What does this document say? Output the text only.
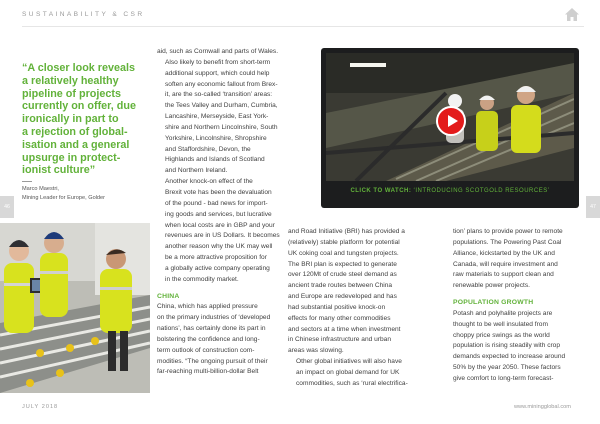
SUSTAINABILITY & CSR
“A closer look reveals
a relatively healthy
pipeline of projects
currently on offer, due
ironically in part to
a rejection of global-
isation and a general
upsurge in protect-
ionist culture”
Marco Maestri,
Mining Leader for Europe, Golder

aid, such as Cornwall and parts of Wales.

Also likely to benefit from short-term
additional support, which could help
soften any economic fallout from Brex-
it, are the so-called ‘transition’ areas:
the Tees Valley and Durham, Cumbria,
Lancashire, Merseyside, East York-
shire and Northern Lincolnshire, South
Yorkshire, Lincolnshire, Shropshire
and Staffordshire, Devon, the
Highlands and Islands of Scotland
and Northern Ireland.

Another knock-on effect of the
Brexit vote has been the devaluation
of the pound - bad news for import-
ing goods and services, but lucrative
when local costs are in GBP and your
revenues are in US Dollars. It becomes
another reason why the UK may well
be a more attractive proposition for
a globally active company operating
in the commodity market.

CHINA

China, which has applied pressure
on the primary industries of ‘developed
nations’, has certainly done its part in
bolstering the confidence and long-
term outlook of construction com-
modities. “The ongoing pursuit of their
far-reaching multi-billion-dollar Belt

and Road Initiative (BRI) has provided a
(relatively) stable platform for potential
UK coking coal and tungsten projects.
The BRI plan is expected to generate
over 120Mt of crude steel demand as
ancient trade routes between China
and Europe are redeveloped and has
had substantial positive knock-on
effects for many other commodities
and sectors at a time when investment
in Chinese infrastructure and urban
areas was slowing.

Other global initiatives will also have
an impact on global demand for UK
commodities, such as ‘rural electrifica-

tion’ plans to provide power to remote
populations. The Powering Past Coal
Alliance, kickstarted by the UK and
Canada, will require investment and
raw materials to support clean and
renewable power projects.

POPULATION GROWTH

Potash and polyhalite projects are
thought to be well insulated from
choppy price swings as the world
population is rising steadily with crop
demands expected to increase around
50% by the year 2050. These factors
give comfort to long-term forecast-

46	47
CLICK TO WATCH: ‘INTRODUCING SCOTGOLD RESOURCES’
JULY 2018	www.miningglobal.com
